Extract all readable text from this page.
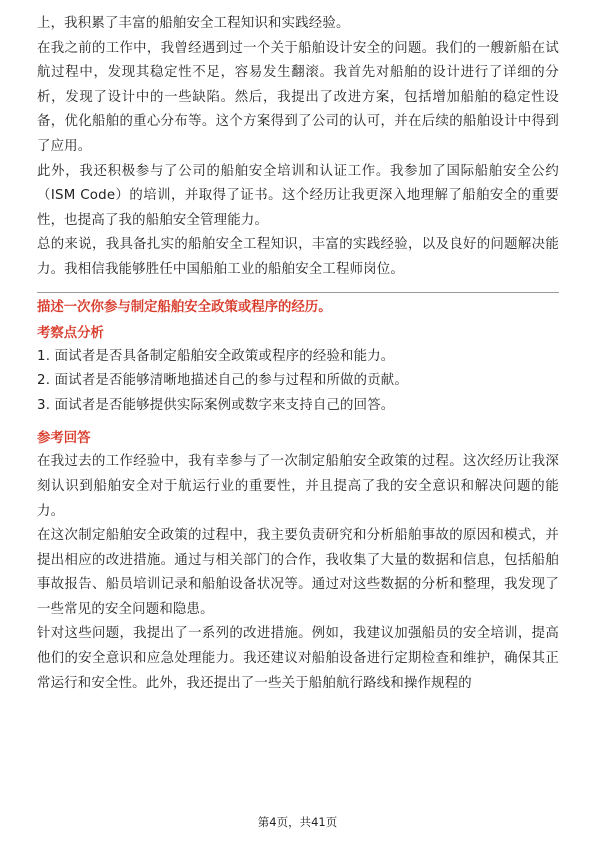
上，我积累了丰富的船舶安全工程知识和实践经验。

在我之前的工作中，我曾经遇到过一个关于船舶设计安全的问题。我们的一艘新船在试航过程中，发现其稳定性不足，容易发生翻滚。我首先对船舶的设计进行了详细的分析，发现了设计中的一些缺陷。然后，我提出了改进方案，包括增加船舶的稳定性设备，优化船舶的重心分布等。这个方案得到了公司的认可，并在后续的船舶设计中得到了应用。

此外，我还积极参与了公司的船舶安全培训和认证工作。我参加了国际船舶安全公约（ISM Code）的培训，并取得了证书。这个经历让我更深入地理解了船舶安全的重要性，也提高了我的船舶安全管理能力。

总的来说，我具备扎实的船舶安全工程知识，丰富的实践经验，以及良好的问题解决能力。我相信我能够胜任中国船舶工业的船舶安全工程师岗位。

描述一次你参与制定船舶安全政策或程序的经历。

考察点分析

1. 面试者是否具备制定船舶安全政策或程序的经验和能力。

2. 面试者是否能够清晰地描述自己的参与过程和所做的贡献。

3. 面试者是否能够提供实际案例或数字来支持自己的回答。

参考回答

在我过去的工作经验中，我有幸参与了一次制定船舶安全政策的过程。这次经历让我深刻认识到船舶安全对于航运行业的重要性，并且提高了我的安全意识和解决问题的能力。

在这次制定船舶安全政策的过程中，我主要负责研究和分析船舶事故的原因和模式，并提出相应的改进措施。通过与相关部门的合作，我收集了大量的数据和信息，包括船舶事故报告、船员培训记录和船舶设备状况等。通过对这些数据的分析和整理，我发现了一些常见的安全问题和隐患。

针对这些问题，我提出了一系列的改进措施。例如，我建议加强船员的安全培训，提高他们的安全意识和应急处理能力。我还建议对船舶设备进行定期检查和维护，确保其正常运行和安全性。此外，我还提出了一些关于船舶航行路线和操作规程的

第4页，共41页
